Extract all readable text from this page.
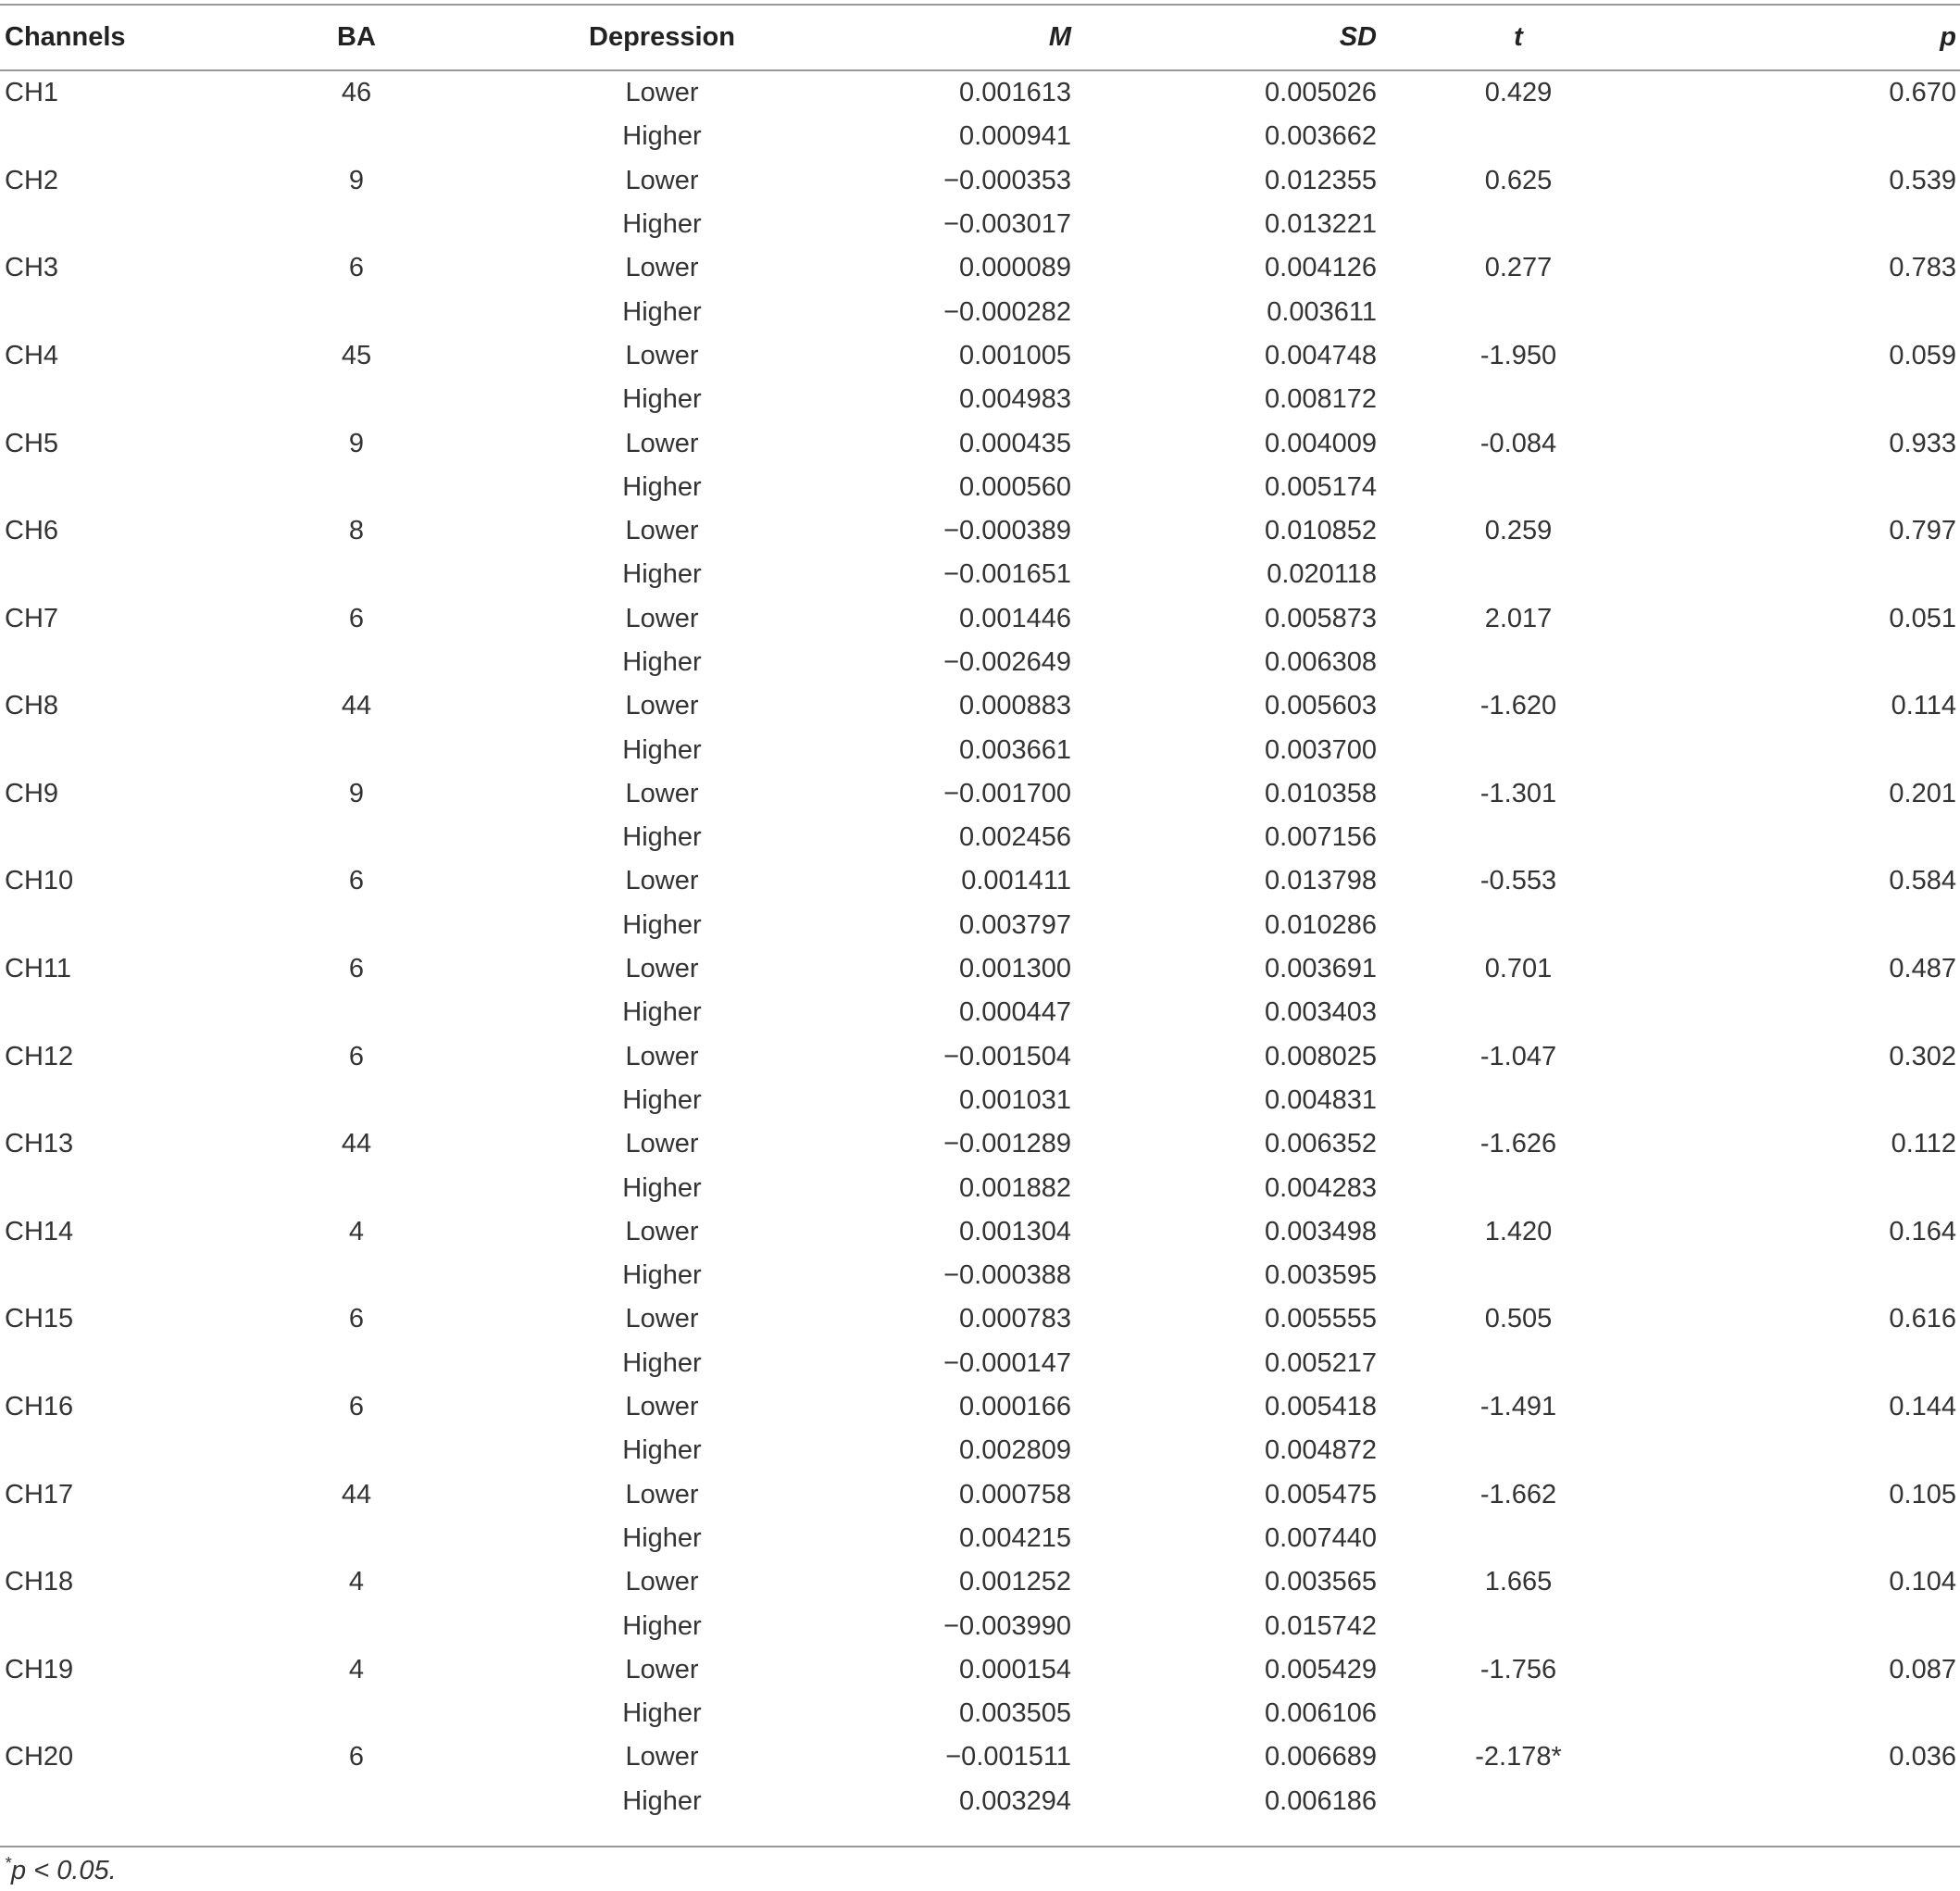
Channels	BA	Depression	M	SD	t	p
CH1	46	Lower	0.001613	0.005026	0.429	0.670
		Higher	0.000941	0.003662		
CH2	9	Lower	−0.000353	0.012355	0.625	0.539
		Higher	−0.003017	0.013221		
CH3	6	Lower	0.000089	0.004126	0.277	0.783
		Higher	−0.000282	0.003611		
CH4	45	Lower	0.001005	0.004748	-1.950	0.059
		Higher	0.004983	0.008172		
CH5	9	Lower	0.000435	0.004009	-0.084	0.933
		Higher	0.000560	0.005174		
CH6	8	Lower	−0.000389	0.010852	0.259	0.797
		Higher	−0.001651	0.020118		
CH7	6	Lower	0.001446	0.005873	2.017	0.051
		Higher	−0.002649	0.006308		
CH8	44	Lower	0.000883	0.005603	-1.620	0.114
		Higher	0.003661	0.003700		
CH9	9	Lower	−0.001700	0.010358	-1.301	0.201
		Higher	0.002456	0.007156		
CH10	6	Lower	0.001411	0.013798	-0.553	0.584
		Higher	0.003797	0.010286		
CH11	6	Lower	0.001300	0.003691	0.701	0.487
		Higher	0.000447	0.003403		
CH12	6	Lower	−0.001504	0.008025	-1.047	0.302
		Higher	0.001031	0.004831		
CH13	44	Lower	−0.001289	0.006352	-1.626	0.112
		Higher	0.001882	0.004283		
CH14	4	Lower	0.001304	0.003498	1.420	0.164
		Higher	−0.000388	0.003595		
CH15	6	Lower	0.000783	0.005555	0.505	0.616
		Higher	−0.000147	0.005217		
CH16	6	Lower	0.000166	0.005418	-1.491	0.144
		Higher	0.002809	0.004872		
CH17	44	Lower	0.000758	0.005475	-1.662	0.105
		Higher	0.004215	0.007440		
CH18	4	Lower	0.001252	0.003565	1.665	0.104
		Higher	−0.003990	0.015742		
CH19	4	Lower	0.000154	0.005429	-1.756	0.087
		Higher	0.003505	0.006106		
CH20	6	Lower	−0.001511	0.006689	-2.178*	0.036
		Higher	0.003294	0.006186		
*p < 0.05.
